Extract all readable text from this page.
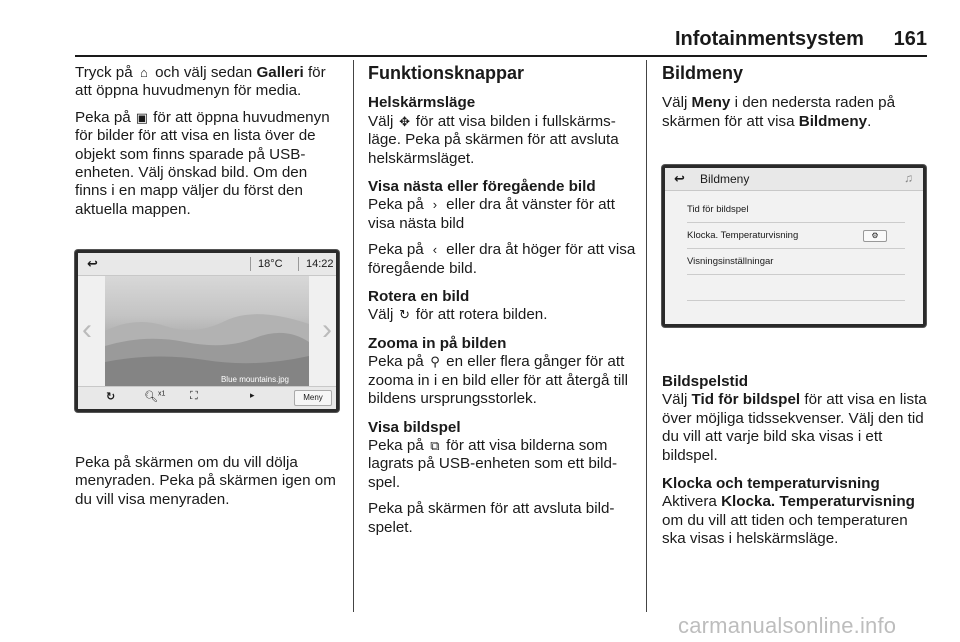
Infotainmentsystem 161

Tryck på ⌂ och välj sedan Galleri för att öppna huvudmenyn för media.

Peka på ▣ för att öppna huvudmenyn för bilder för att visa en lista över de objekt som finns sparade på USB-enheten. Välj önskad bild. Om den finns i en mapp väljer du först den aktuella mappen.

↩	18°C 14:22
‹
Blue mountains.jpg
›
↻	🔍︎$^{x1}$ ⛶	▸	Meny

Peka på skärmen om du vill dölja menyraden. Peka på skärmen igen om du vill visa menyraden.

Funktionsknappar
Helskärmsläge

Välj ✥ för att visa bilden i fullskärms-läge. Peka på skärmen för att avsluta helskärmsläget.

Visa nästa eller föregående bild

Peka på › eller dra åt vänster för att visa nästa bild

Peka på ‹ eller dra åt höger för att visa föregående bild.

Rotera en bild

Välj ↻ för att rotera bilden.

Zooma in på bilden

Peka på ⚲ en eller flera gånger för att zooma in i en bild eller för att återgå till bildens ursprungsstorlek.

Visa bildspel

Peka på ⧉ för att visa bilderna som lagrats på USB-enheten som ett bild-spel.

Peka på skärmen för att avsluta bild-spelet.

Bildmeny

Välj Meny i den nedersta raden på skärmen för att visa Bildmeny.

↩ Bildmeny	♫
Tid för bildspel
Klocka. Temperaturvisning	⚙
Visningsinställningar
Bildspelstid

Välj Tid för bildspel för att visa en lista över möjliga tidssekvenser. Välj den tid du vill att varje bild ska visas i ett bildspel.

Klocka och temperaturvisning

Aktivera Klocka. Temperaturvisning om du vill att tiden och temperaturen ska visas i helskärmsläge.

carmanualsonline.info
